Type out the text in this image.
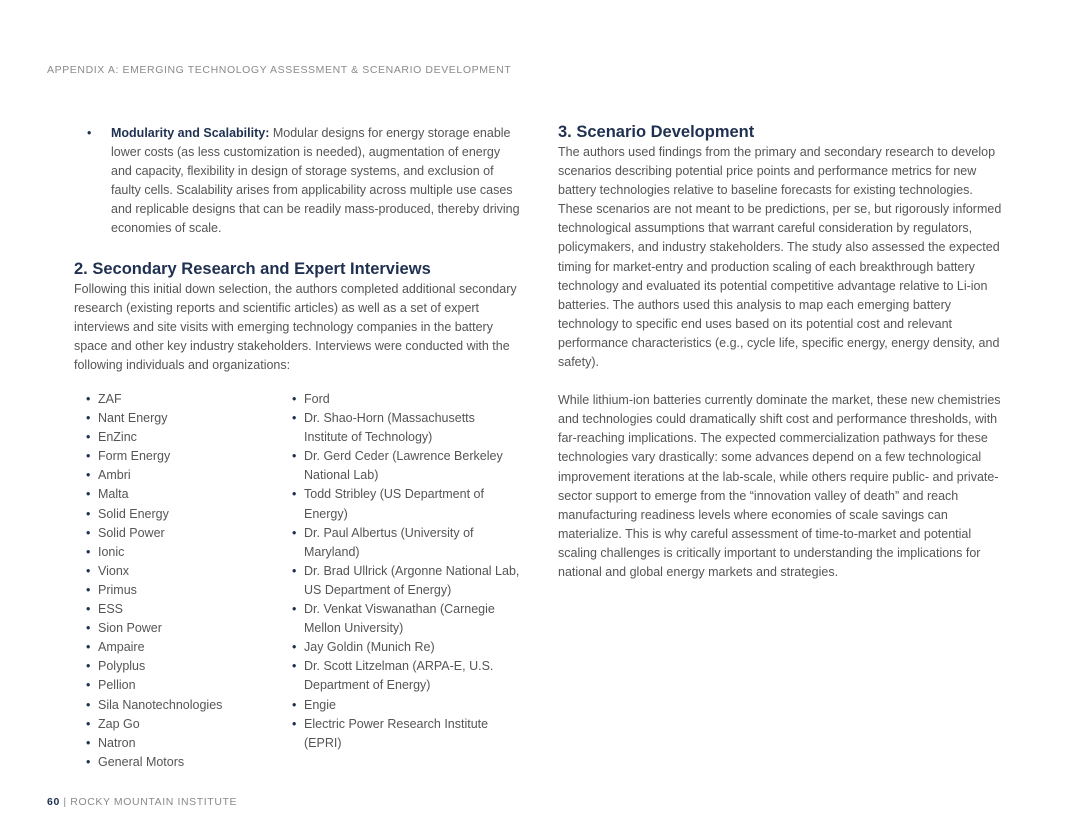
APPENDIX A: EMERGING TECHNOLOGY ASSESSMENT & SCENARIO DEVELOPMENT
• Modularity and Scalability: Modular designs for energy storage enable lower costs (as less customization is needed), augmentation of energy and capacity, flexibility in design of storage systems, and exclusion of faulty cells. Scalability arises from applicability across multiple use cases and replicable designs that can be readily mass-produced, thereby driving economies of scale.
2. Secondary Research and Expert Interviews

Following this initial down selection, the authors completed additional secondary research (existing reports and scientific articles) as well as a set of expert interviews and site visits with emerging technology companies in the battery space and other key industry stakeholders. Interviews were conducted with the following individuals and organizations:

• ZAF
• Nant Energy
• EnZinc
• Form Energy
• Ambri
• Malta
• Solid Energy
• Solid Power
• Ionic
• Vionx
• Primus
• ESS
• Sion Power
• Ampaire
• Polyplus
• Pellion
• Sila Nanotechnologies
• Zap Go
• Natron
• General Motors
• Ford
• Dr. Shao-Horn (Massachusetts Institute of Technology)
• Dr. Gerd Ceder (Lawrence Berkeley National Lab)
• Todd Stribley (US Department of Energy)
• Dr. Paul Albertus (University of Maryland)
• Dr. Brad Ullrick (Argonne National Lab, US Department of Energy)
• Dr. Venkat Viswanathan (Carnegie Mellon University)
• Jay Goldin (Munich Re)
• Dr. Scott Litzelman (ARPA-E, U.S. Department of Energy)
• Engie
• Electric Power Research Institute (EPRI)
3. Scenario Development

The authors used findings from the primary and secondary research to develop scenarios describing potential price points and performance metrics for new battery technologies relative to baseline forecasts for existing technologies. These scenarios are not meant to be predictions, per se, but rigorously informed technological assumptions that warrant careful consideration by regulators, policymakers, and industry stakeholders. The study also assessed the expected timing for market-entry and production scaling of each breakthrough battery technology and evaluated its potential competitive advantage relative to Li-ion batteries. The authors used this analysis to map each emerging battery technology to specific end uses based on its potential cost and relevant performance characteristics (e.g., cycle life, specific energy, energy density, and safety).

While lithium-ion batteries currently dominate the market, these new chemistries and technologies could dramatically shift cost and performance thresholds, with far-reaching implications. The expected commercialization pathways for these technologies vary drastically: some advances depend on a few technological improvement iterations at the lab-scale, while others require public- and private-sector support to emerge from the “innovation valley of death” and reach manufacturing readiness levels where economies of scale savings can materialize. This is why careful assessment of time-to-market and potential scaling challenges is critically important to understanding the implications for national and global energy markets and strategies.

60 | ROCKY MOUNTAIN INSTITUTE
